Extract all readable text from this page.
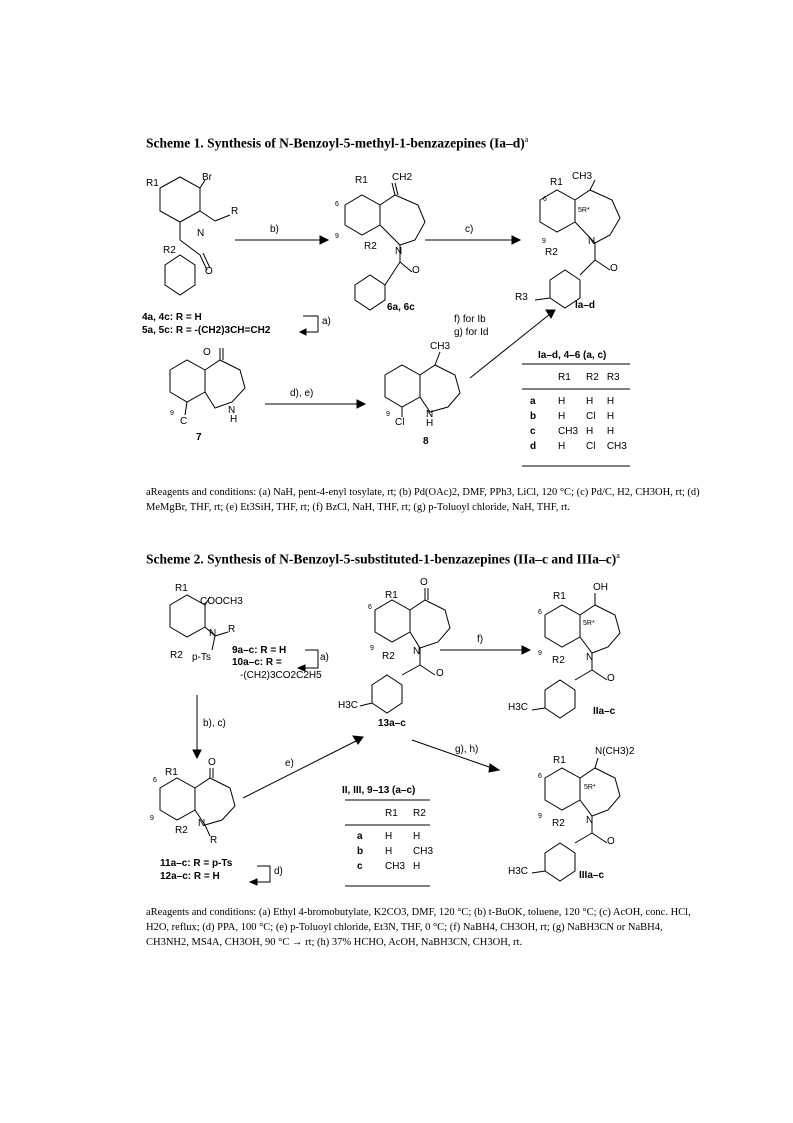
Scheme 1. Synthesis of N-Benzoyl-5-methyl-1-benzazepines $(Ia-d)^a$
R1
Br
N
R
R2
O
b)
R1 CH2
6
9
R2 N
O
6a, 6c
c)
R1
CH3
6
5R*
9	N
R2
O
R3
Ia–d
4a, 4c: R = H
5a, 5c: R = -(CH2)3CH=CH2
a)	f) for Ib
g) for Id
O
N
9
C	H
7
d), e)
CH3
9
Cl
N
H
8
Ia–d, 4–6 (a, c)
	R1	R2	R3

a	H	H	H
b	H	Cl	H
c	CH3	H	H
d	H	Cl	CH3
aReagents and conditions: (a) NaH, pent-4-enyl tosylate, rt; (b) Pd(OAc)2, DMF, PPh3, LiCl, 120 °C; (c) Pd/C, H2, CH3OH, rt; (d) MeMgBr, THF, rt; (e) Et3SiH, THF, rt; (f) BzCl, NaH, THF, rt; (g) p-Toluoyl chloride, NaH, THF, rt.
Scheme 2. Synthesis of N-Benzoyl-5-substituted-1-benzazepines (IIa–c and IIIa–c)$^a$
R1
COOCH3
N R
R2 p-Ts
9a–c: R = H
10a–c: R =
-(CH2)3CO2C2H5
a)
b), c)
R1
6
O
9	N
R2
R
11a–c: R = p-Ts
12a–c: R = H	d)
e)
R1
O
6
9	N
R2
O
H3C
13a–c
f)
R1
OH
6
5R*
9	N
R2
O
H3C	IIa–c
g), h)	N(CH3)2
R1
6
5R*
9	N
R2
O
H3C	IIIa–c
II, III, 9–13 (a–c)
	R1	R2

a	H	H
b	H	CH3
c	CH3	H
aReagents and conditions: (a) Ethyl 4-bromobutylate, K2CO3, DMF, 120 °C; (b) t-BuOK, toluene, 120 °C; (c) AcOH, conc. HCl, H2O, reflux; (d) PPA, 100 °C; (e) p-Toluoyl chloride, Et3N, THF, 0 °C; (f) NaBH4, CH3OH, rt; (g) NaBH3CN or NaBH4, CH3NH2, MS4A, CH3OH, 90 °C → rt; (h) 37% HCHO, AcOH, NaBH3CN, CH3OH, rt.
